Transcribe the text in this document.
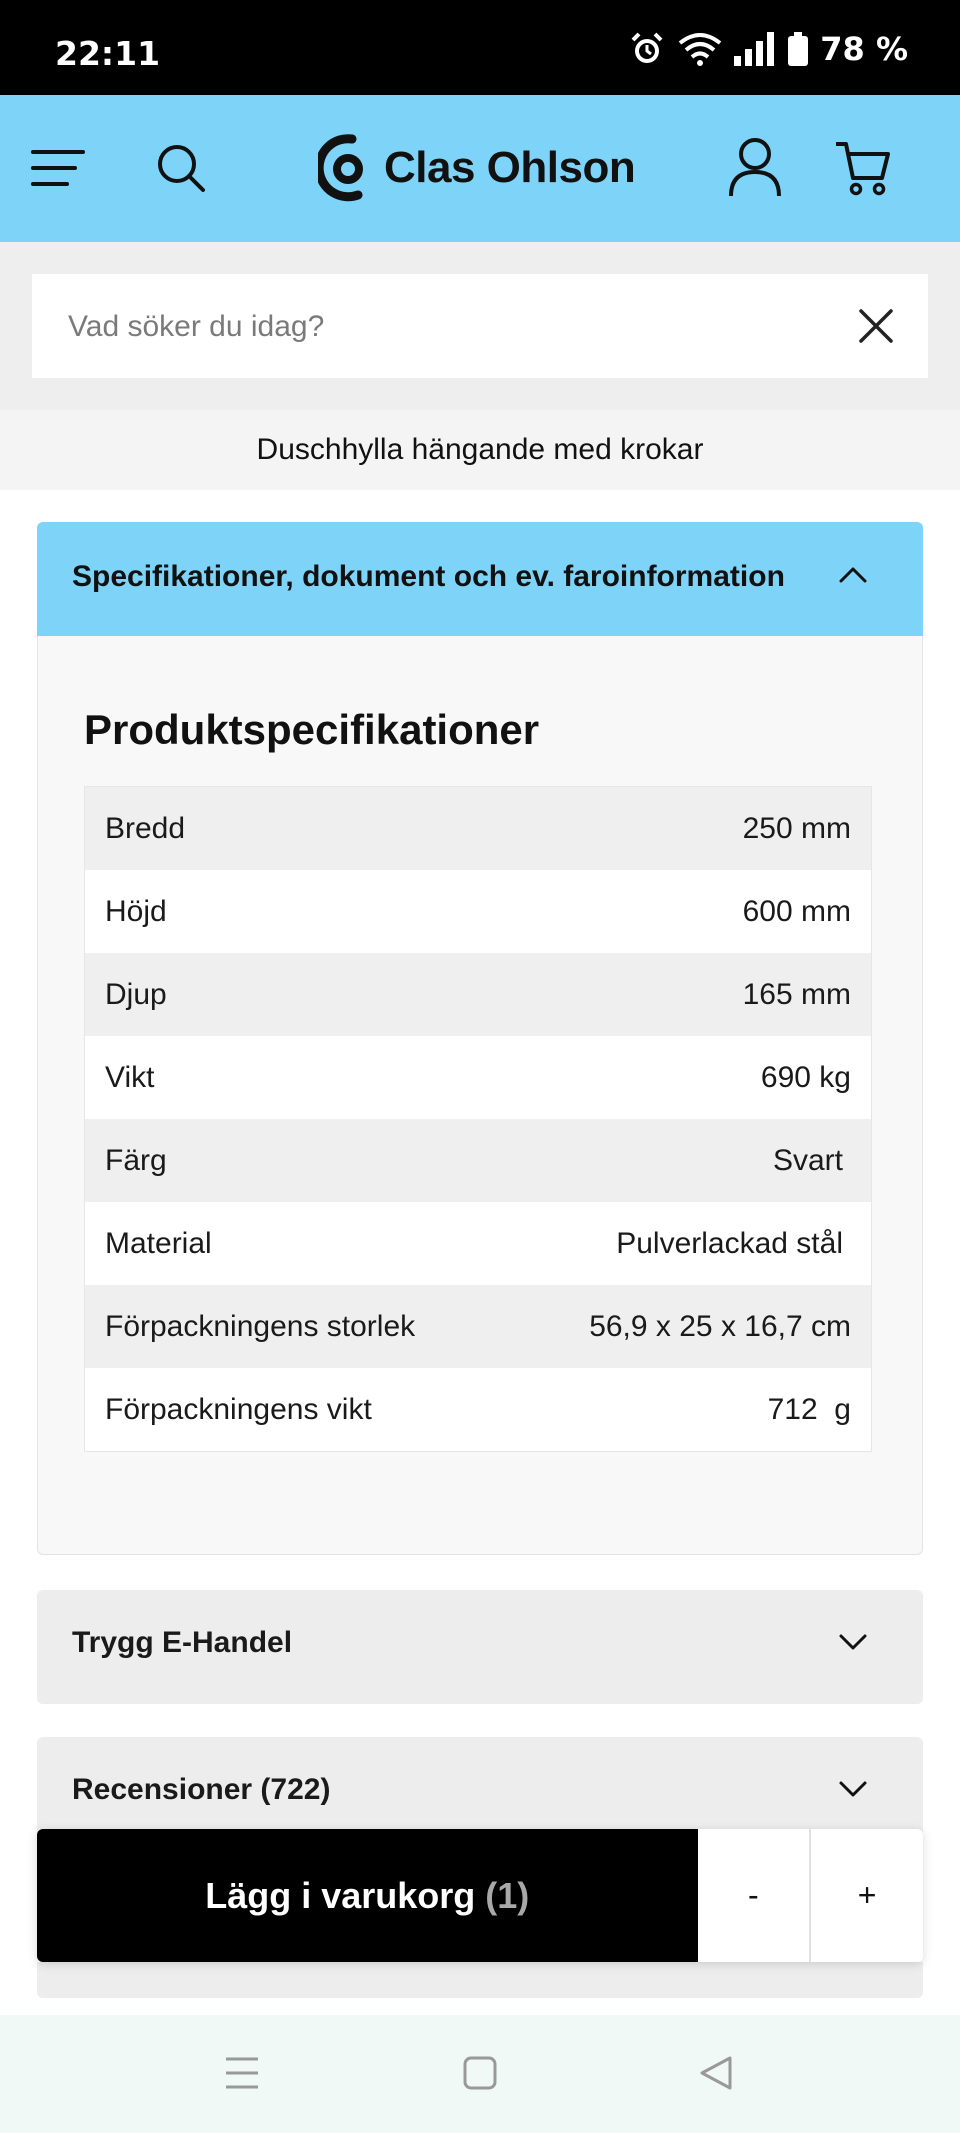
22:11	78 %
Clas Ohlson
Vad söker du idag?
Duschhylla hängande med krokar
Specifikationer, dokument och ev. faroinformation
Produktspecifikationer
Bredd	250 mm
Höjd	600 mm
Djup	165 mm
Vikt	690 kg
Färg	Svart
Material	Pulverlackad stål
Förpackningens storlek	56,9 x 25 x 16,7 cm
Förpackningens vikt	712  g
Trygg E-Handel
Recensioner (722)
Lägg i varukorg (1)	-	+
